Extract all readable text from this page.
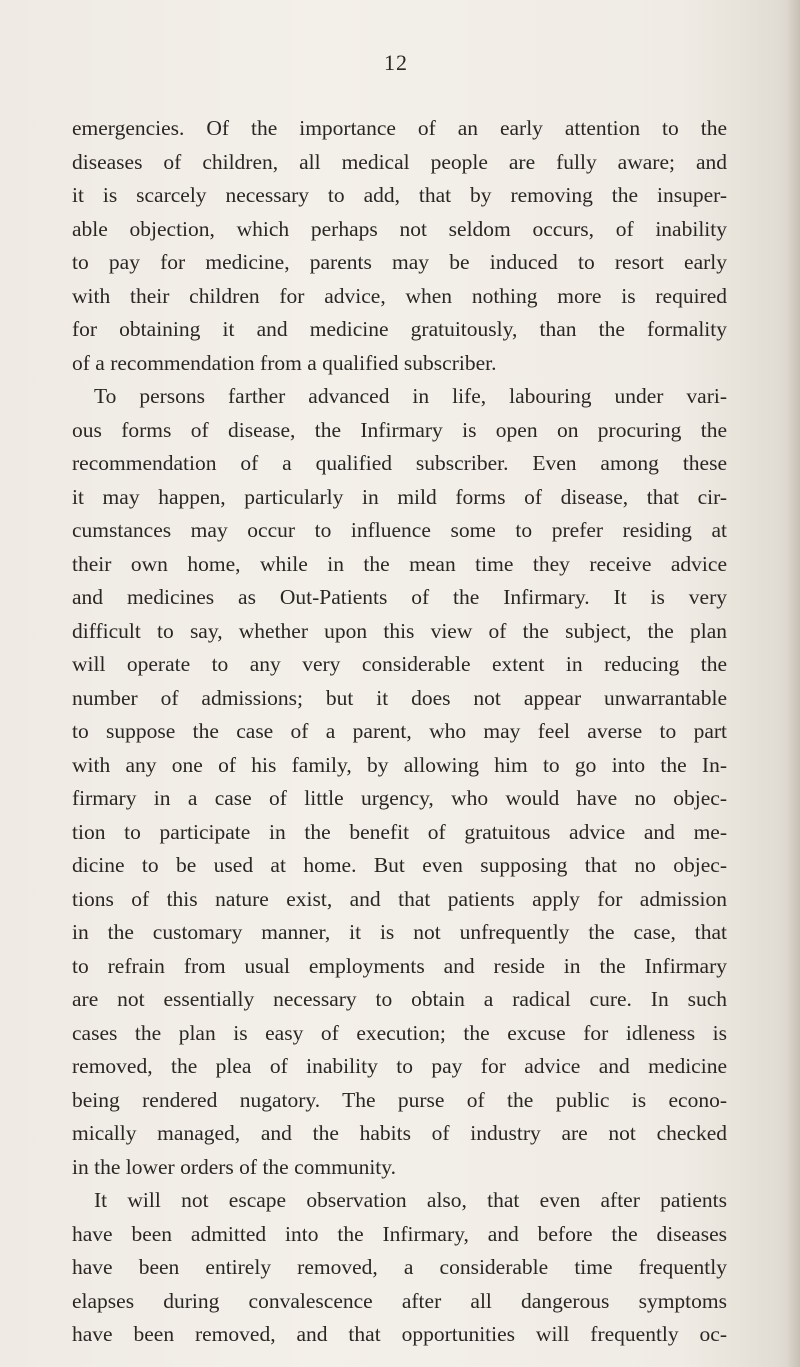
12
emergencies. Of the importance of an early attention to the
diseases of children, all medical people are fully aware; and
it is scarcely necessary to add, that by removing the insuper-
able objection, which perhaps not seldom occurs, of inability
to pay for medicine, parents may be induced to resort early
with their children for advice, when nothing more is required
for obtaining it and medicine gratuitously, than the formality
of a recommendation from a qualified subscriber.
To persons farther advanced in life, labouring under vari-
ous forms of disease, the Infirmary is open on procuring the
recommendation of a qualified subscriber. Even among these
it may happen, particularly in mild forms of disease, that cir-
cumstances may occur to influence some to prefer residing at
their own home, while in the mean time they receive advice
and medicines as Out-Patients of the Infirmary. It is very
difficult to say, whether upon this view of the subject, the plan
will operate to any very considerable extent in reducing the
number of admissions; but it does not appear unwarrantable
to suppose the case of a parent, who may feel averse to part
with any one of his family, by allowing him to go into the In-
firmary in a case of little urgency, who would have no objec-
tion to participate in the benefit of gratuitous advice and me-
dicine to be used at home. But even supposing that no objec-
tions of this nature exist, and that patients apply for admission
in the customary manner, it is not unfrequently the case, that
to refrain from usual employments and reside in the Infirmary
are not essentially necessary to obtain a radical cure. In such
cases the plan is easy of execution; the excuse for idleness is
removed, the plea of inability to pay for advice and medicine
being rendered nugatory. The purse of the public is econo-
mically managed, and the habits of industry are not checked
in the lower orders of the community.
It will not escape observation also, that even after patients
have been admitted into the Infirmary, and before the diseases
have been entirely removed, a considerable time frequently
elapses during convalescence after all dangerous symptoms
have been removed, and that opportunities will frequently oc-
